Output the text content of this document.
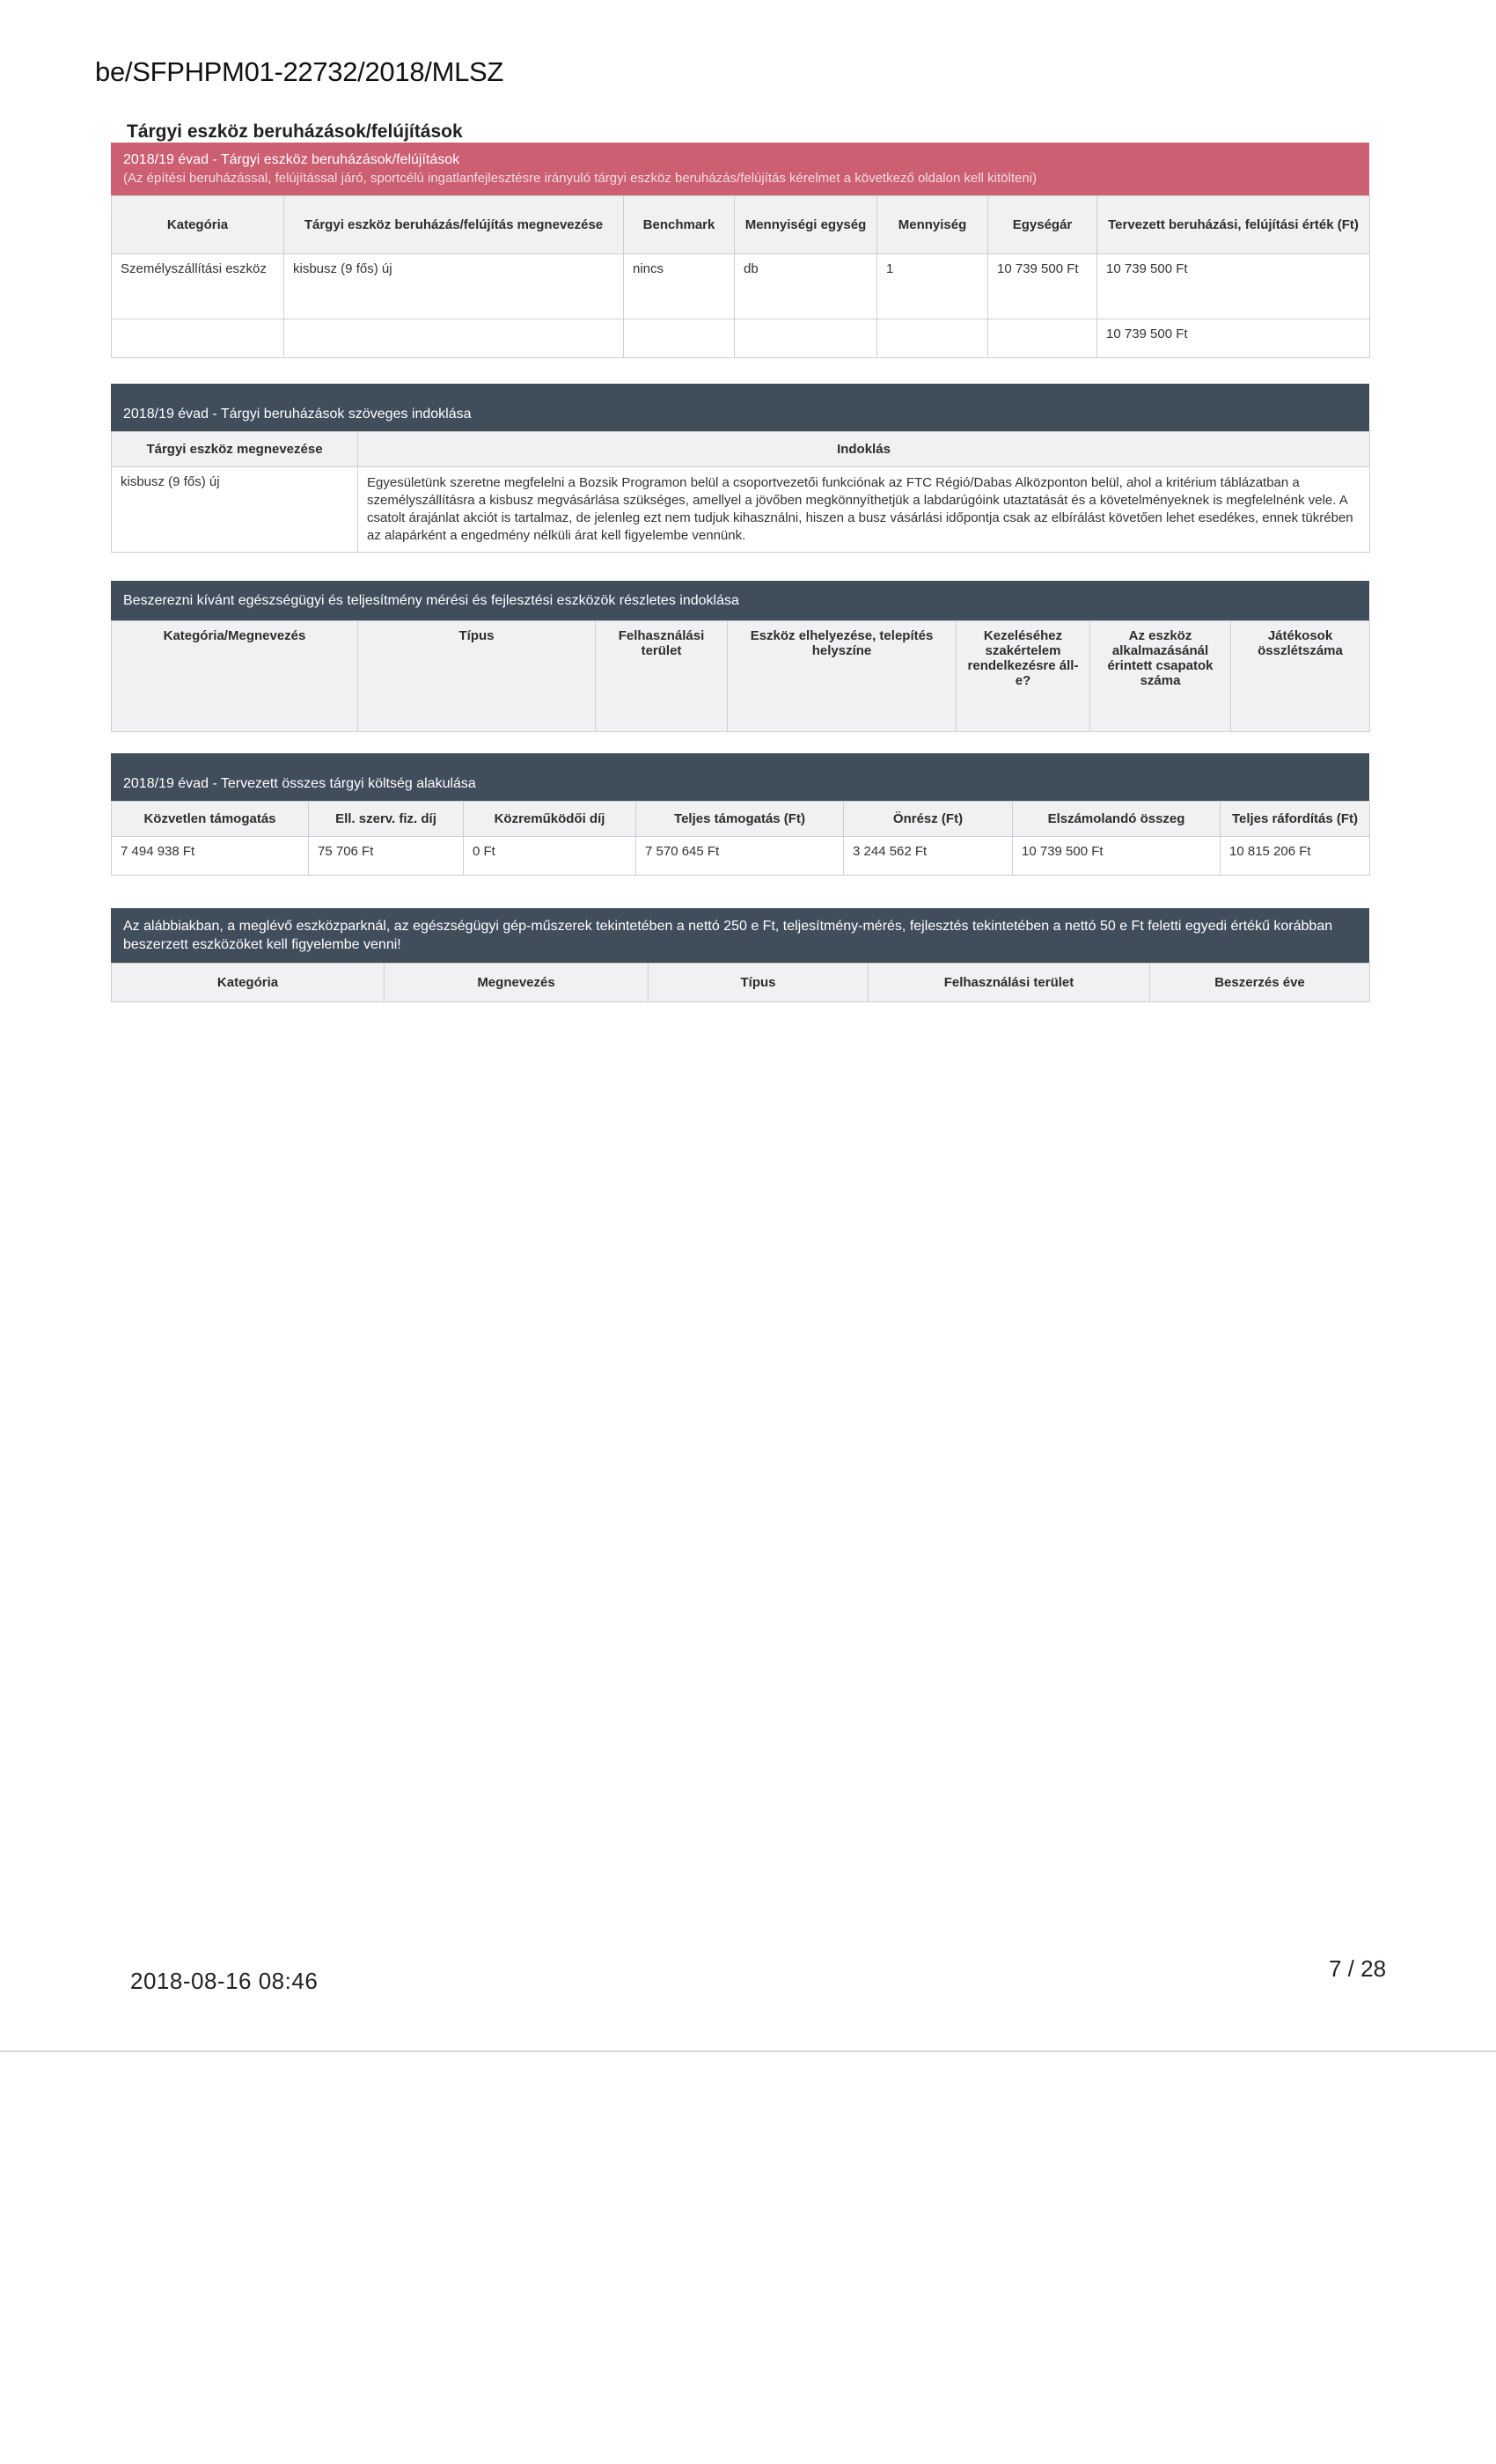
be/SFPHPM01-22732/2018/MLSZ
Tárgyi eszköz beruházások/felújítások
2018/19 évad - Tárgyi eszköz beruházások/felújítások
(Az építési beruházással, felújítással járó, sportcélú ingatlanfejlesztésre irányuló tárgyi eszköz beruházás/felújítás kérelmet a következő oldalon kell kitölteni)
Kategória	Tárgyi eszköz beruházás/felújítás megnevezése	Benchmark	Mennyiségi egység	Mennyiség	Egységár	Tervezett beruházási, felújítási érték (Ft)
Személyszállítási eszköz	kisbusz (9 fős) új	nincs	db	1	10 739 500 Ft	10 739 500 Ft
						10 739 500 Ft
2018/19 évad - Tárgyi beruházások szöveges indoklása
Tárgyi eszköz megnevezése	Indoklás
kisbusz (9 fős) új	Egyesületünk szeretne megfelelni a Bozsik Programon belül a csoportvezetői funkciónak az FTC Régió/Dabas Alközponton belül, ahol a kritérium táblázatban a személyszállításra a kisbusz megvásárlása szükséges, amellyel a jövőben megkönnyíthetjük a labdarúgóink utaztatását és a követelményeknek is megfelelnénk vele. A csatolt árajánlat akciót is tartalmaz, de jelenleg ezt nem tudjuk kihasználni, hiszen a busz vásárlási időpontja csak az elbírálást követően lehet esedékes, ennek tükrében az alapárként a engedmény nélküli árat kell figyelembe vennünk.
Beszerezni kívánt egészségügyi és teljesítmény mérési és fejlesztési eszközök részletes indoklása
Kategória/Megnevezés	Típus	Felhasználási terület	Eszköz elhelyezése, telepítés helyszíne	Kezeléséhez szakértelem rendelkezésre áll-e?	Az eszköz alkalmazásánál érintett csapatok száma	Játékosok összlétszáma
2018/19 évad - Tervezett összes tárgyi költség alakulása
Közvetlen támogatás	Ell. szerv. fiz. díj	Közreműködői díj	Teljes támogatás (Ft)	Önrész (Ft)	Elszámolandó összeg	Teljes ráfordítás (Ft)
7 494 938 Ft	75 706 Ft	0 Ft	7 570 645 Ft	3 244 562 Ft	10 739 500 Ft	10 815 206 Ft
Az alábbiakban, a meglévő eszközparknál, az egészségügyi gép-műszerek tekintetében a nettó 250 e Ft, teljesítmény-mérés, fejlesztés tekintetében a nettó 50 e Ft feletti egyedi értékű korábban beszerzett eszközöket kell figyelembe venni!
Kategória	Megnevezés	Típus	Felhasználási terület	Beszerzés éve
2018-08-16 08:46	7 / 28
